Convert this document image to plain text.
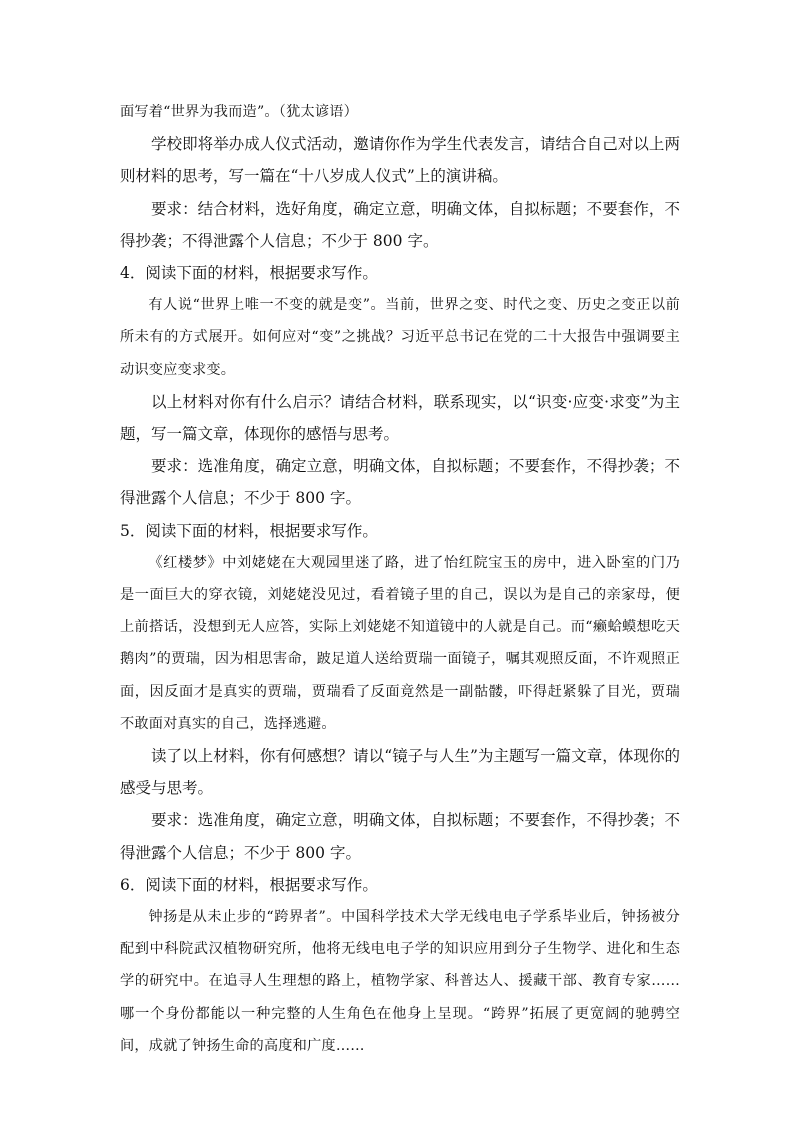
面写着“世界为我而造”。（犹太谚语）

学校即将举办成人仪式活动，邀请你作为学生代表发言，请结合自己对以上两则材料的思考，写一篇在“十八岁成人仪式”上的演讲稿。

要求：结合材料，选好角度，确定立意，明确文体，自拟标题；不要套作，不得抄袭；不得泄露个人信息；不少于 800 字。

4．阅读下面的材料，根据要求写作。

有人说“世界上唯一不变的就是变”。当前，世界之变、时代之变、历史之变正以前所未有的方式展开。如何应对“变”之挑战？习近平总书记在党的二十大报告中强调要主动识变应变求变。

以上材料对你有什么启示？请结合材料，联系现实，以“识变·应变·求变”为主题，写一篇文章，体现你的感悟与思考。

要求：选准角度，确定立意，明确文体，自拟标题；不要套作，不得抄袭；不得泄露个人信息；不少于 800 字。

5．阅读下面的材料，根据要求写作。

《红楼梦》中刘姥姥在大观园里迷了路，进了怡红院宝玉的房中，进入卧室的门乃是一面巨大的穿衣镜，刘姥姥没见过，看着镜子里的自己，误以为是自己的亲家母，便上前搭话，没想到无人应答，实际上刘姥姥不知道镜中的人就是自己。而“癞蛤蟆想吃天鹅肉”的贾瑞，因为相思害命，跛足道人送给贾瑞一面镜子，嘱其观照反面，不许观照正面，因反面才是真实的贾瑞，贾瑞看了反面竟然是一副骷髅，吓得赶紧躲了目光，贾瑞不敢面对真实的自己，选择逃避。

读了以上材料，你有何感想？请以“镜子与人生”为主题写一篇文章，体现你的感受与思考。

要求：选准角度，确定立意，明确文体，自拟标题；不要套作，不得抄袭；不得泄露个人信息；不少于 800 字。

6．阅读下面的材料，根据要求写作。

钟扬是从未止步的“跨界者”。中国科学技术大学无线电电子学系毕业后，钟扬被分配到中科院武汉植物研究所，他将无线电电子学的知识应用到分子生物学、进化和生态学的研究中。在追寻人生理想的路上，植物学家、科普达人、援藏干部、教育专家……哪一个身份都能以一种完整的人生角色在他身上呈现。“跨界”拓展了更宽阔的驰骋空间，成就了钟扬生命的高度和广度……
